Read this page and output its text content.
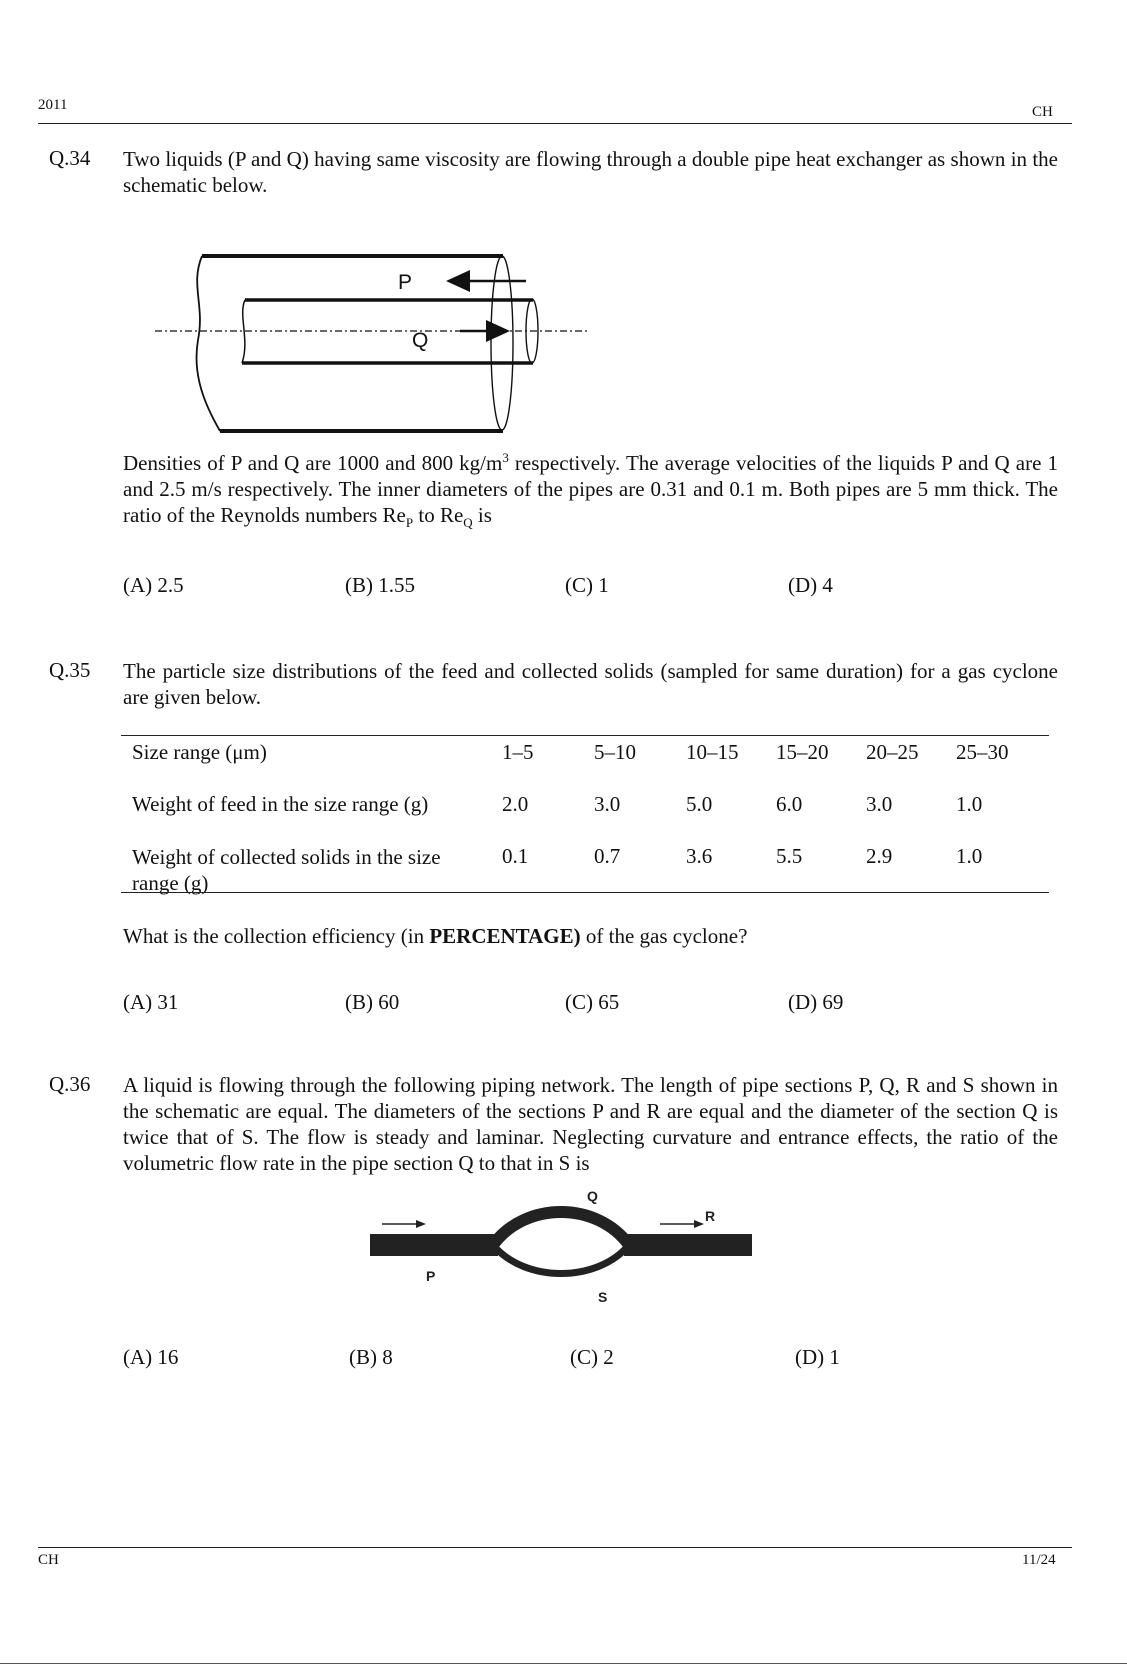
2011	CH
Q.34 Two liquids (P and Q) having same viscosity are flowing through a double pipe heat exchanger as shown in the schematic below.
P
Q
Densities of P and Q are 1000 and 800 $kg/m^3$ respectively. The average velocities of the liquids P and Q are 1 and 2.5 m/s respectively. The inner diameters of the pipes are 0.31 and 0.1 m. Both pipes are 5 mm thick. The ratio of the Reynolds numbers $Re_P$ to $Re_Q$ is
(A) 2.5	(B) 1.55	(C) 1	(D) 4
Q.35 The particle size distributions of the feed and collected solids (sampled for same duration) for a gas cyclone are given below.
Size range (μm)	1–5	5–10	10–15	15–20	20–25	25–30
Weight of feed in the size range (g)	2.0	3.0	5.0	6.0	3.0	1.0
Weight of collected solids in the size range (g)	0.1	0.7	3.6	5.5	2.9	1.0
What is the collection efficiency (in PERCENTAGE) of the gas cyclone?
(A) 31	(B) 60	(C) 65	(D) 69
Q.36 A liquid is flowing through the following piping network. The length of pipe sections P, Q, R and S shown in the schematic are equal. The diameters of the sections P and R are equal and the diameter of the section Q is twice that of S. The flow is steady and laminar. Neglecting curvature and entrance effects, the ratio of the volumetric flow rate in the pipe section Q to that in S is
P
Q
R
S
(A) 16	(B) 8	(C) 2	(D) 1
CH	11/24
